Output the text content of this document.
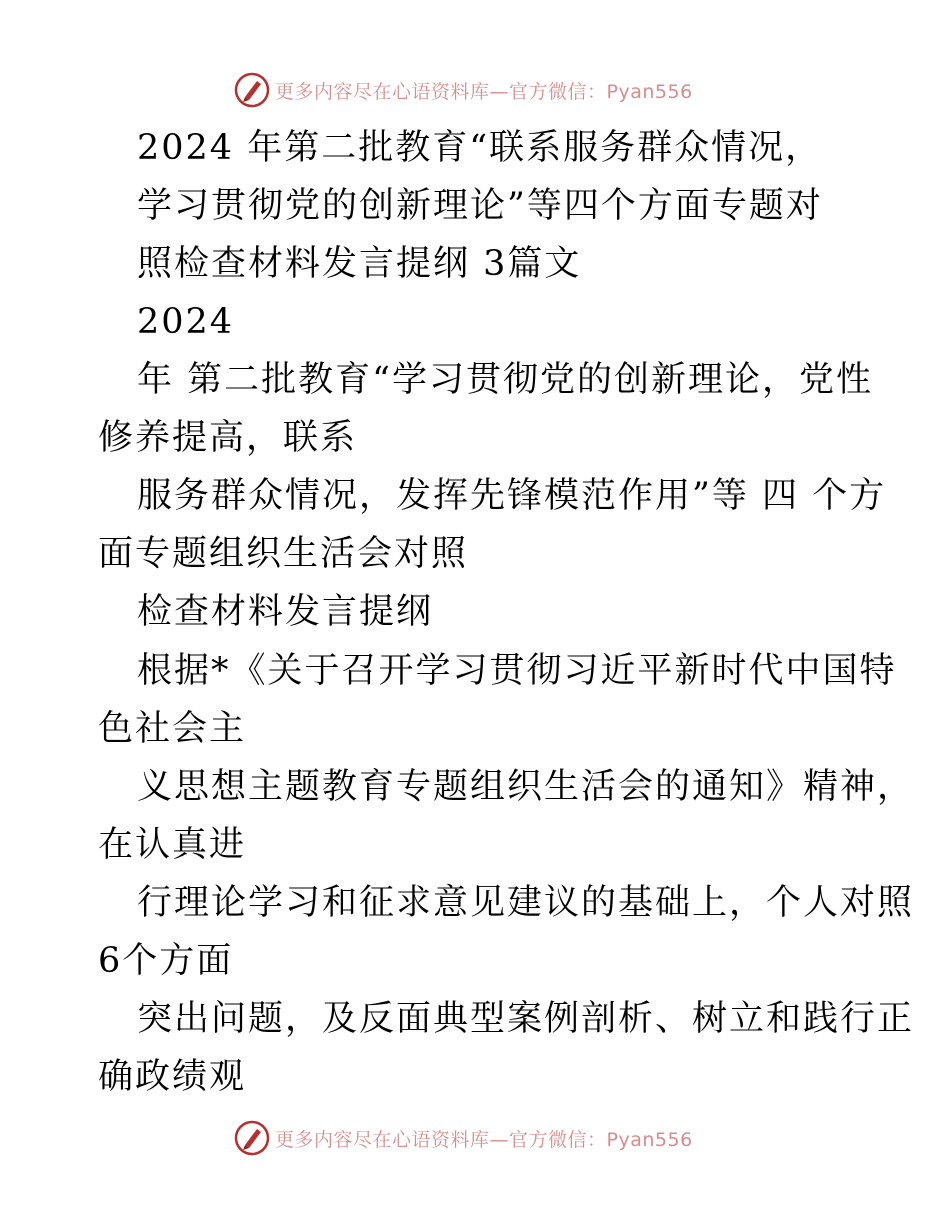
更多内容尽在心语资料库—官方微信：Pyan556
2024 年第二批教育“联系服务群众情况，
学习贯彻党的创新理论”等四个方面专题对
照检查材料发言提纲 3篇文
2024
年 第二批教育“学习贯彻党的创新理论，党性
修养提高，联系
服务群众情况，发挥先锋模范作用”等 四 个方
面专题组织生活会对照
检查材料发言提纲
根据*《关于召开学习贯彻习近平新时代中国特
色社会主
义思想主题教育专题组织生活会的通知》精神，
在认真进
行理论学习和征求意见建议的基础上，个人对照
6个方面
突出问题，及反面典型案例剖析、树立和践行正
确政绩观
更多内容尽在心语资料库—官方微信：Pyan556
